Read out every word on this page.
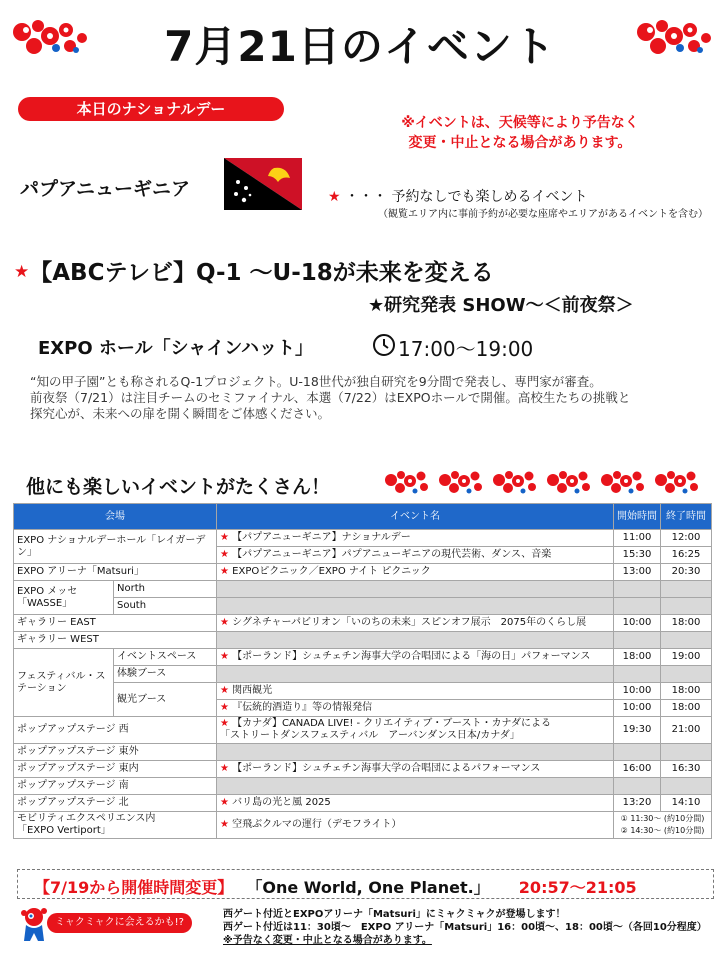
7月21日のイベント
本日のナショナルデー
※イベントは、天候等により予告なく
変更・中止となる場合があります。
パプアニューギニア	★ ・・・ 予約なしでも楽しめるイベント
（観覧エリア内に事前予約が必要な座席やエリアがあるイベントを含む）
★【ABCテレビ】Q-1 ～U-18が未来を変える
★研究発表 SHOW～＜前夜祭＞
EXPO ホール「シャインハット」	17:00～19:00
“知の甲子園”とも称されるQ-1プロジェクト。U-18世代が独自研究を9分間で発表し、専門家が審査。
前夜祭（7/21）は注目チームのセミファイナル、本選（7/22）はEXPOホールで開催。高校生たちの挑戦と
探究心が、未来への扉を開く瞬間をご体感ください。
他にも楽しいイベントがたくさん！
会場		イベント名	開始時間	終了時間
EXPO ナショナルデーホール「レイガーデン」		★ 【パプアニューギニア】ナショナルデー	11:00	12:00
		★ 【パプアニューギニア】パプアニューギニアの現代芸術、ダンス、音楽	15:30	16:25
EXPO アリーナ「Matsuri」		★ EXPOピクニック／EXPO ナイト ピクニック	13:00	20:30
EXPO メッセ「WASSE」	North			
	South			
ギャラリー EAST		★ シグネチャーパビリオン「いのちの未来」スピンオフ展示　2075年のくらし展	10:00	18:00
ギャラリー WEST				
フェスティバル・ステーション	イベントスペース	★ 【ポーランド】シュチェチン海事大学の合唱団による「海の日」パフォーマンス	18:00	19:00
	体験ブース			
	観光ブース	★ 関西観光	10:00	18:00
		★ 『伝統的酒造り』等の情報発信	10:00	18:00
ポップアップステージ 西		★ 【カナダ】CANADA LIVE! - クリエイティブ・ブースト・カナダによる
「ストリートダンスフェスティバル　アーバンダンス日本/カナダ」	19:30	21:00
ポップアップステージ 東外				
ポップアップステージ 東内		★ 【ポーランド】シュチェチン海事大学の合唱団によるパフォーマンス	16:00	16:30
ポップアップステージ 南				
ポップアップステージ 北		★ バリ島の光と風 2025	13:20	14:10
モビリティエクスペリエンス内
「EXPO Vertiport」		★ 空飛ぶクルマの運行（デモフライト）	① 11:30～ (約10分間)
② 14:30～ (約10分間)	
【7/19から開催時間変更】 「One World, One Planet.」 20:57～21:05
ミャクミャクに会えるかも!?
西ゲート付近とEXPOアリーナ「Matsuri」にミャクミャクが登場します！
西ゲート付近は11：30頃～　EXPO アリーナ「Matsuri」16：00頃～、18：00頃～（各回10分程度）
※予告なく変更・中止となる場合があります。
